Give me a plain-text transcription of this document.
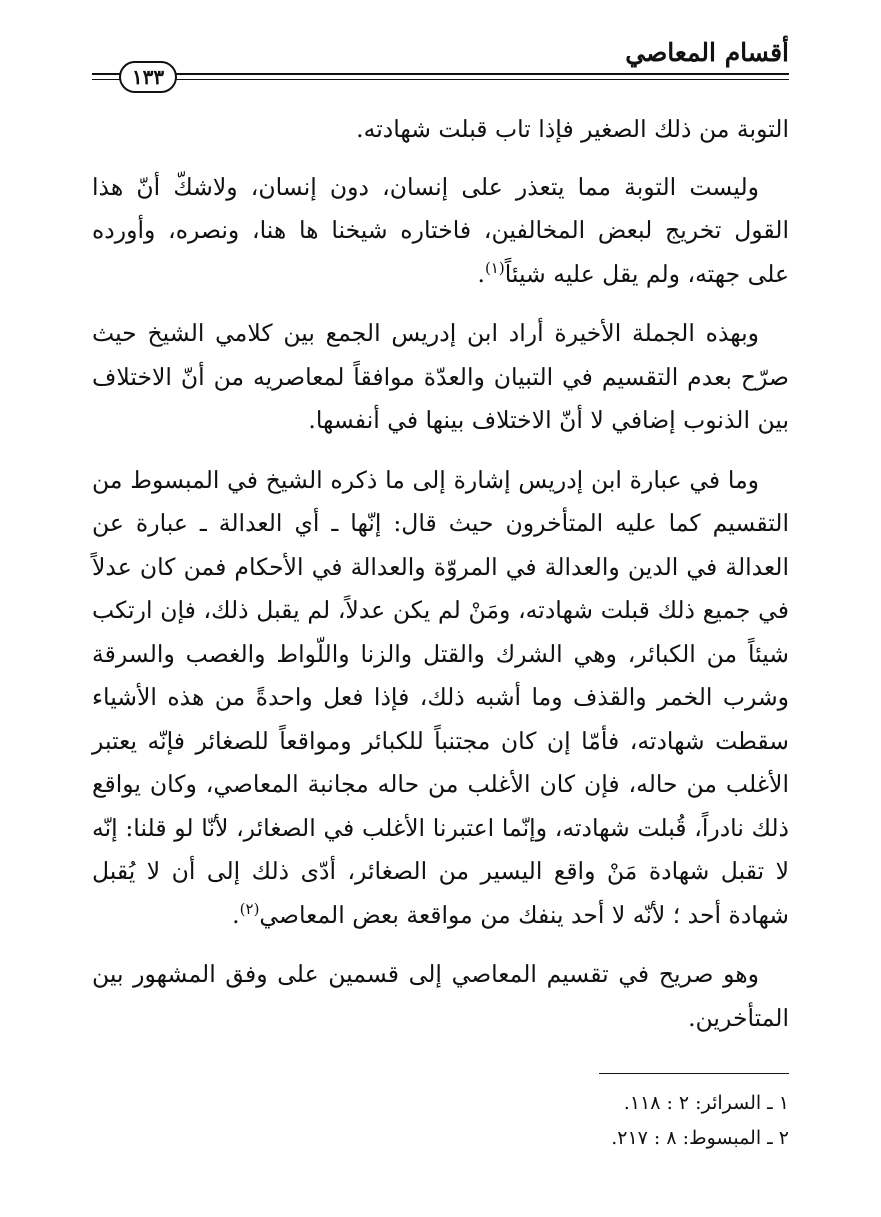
أقسام المعاصي
١٣٣

التوبة من ذلك الصغير فإذا تاب قبلت شهادته.

وليست التوبة مما يتعذر على إنسان، دون إنسان، ولاشكّ أنّ هذا القول تخريج لبعض المخالفين، فاختاره شيخنا ها هنا، ونصره، وأورده على جهته، ولم يقل عليه شيئاً$^{(١)}$.

وبهذه الجملة الأخيرة أراد ابن إدريس الجمع بين كلامي الشيخ حيث صرّح بعدم التقسيم في التبيان والعدّة موافقاً لمعاصريه من أنّ الاختلاف بين الذنوب إضافي لا أنّ الاختلاف بينها في أنفسها.

وما في عبارة ابن إدريس إشارة إلى ما ذكره الشيخ في المبسوط من التقسيم كما عليه المتأخرون حيث قال: إنّها ـ أي العدالة ـ عبارة عن العدالة في الدين والعدالة في المروّة والعدالة في الأحكام فمن كان عدلاً في جميع ذلك قبلت شهادته، ومَنْ لم يكن عدلاً، لم يقبل ذلك، فإن ارتكب شيئاً من الكبائر، وهي الشرك والقتل والزنا واللّواط والغصب والسرقة وشرب الخمر والقذف وما أشبه ذلك، فإذا فعل واحدةً من هذه الأشياء سقطت شهادته، فأمّا إن كان مجتنباً للكبائر ومواقعاً للصغائر فإنّه يعتبر الأغلب من حاله، فإن كان الأغلب من حاله مجانبة المعاصي، وكان يواقع ذلك نادراً، قُبلت شهادته، وإنّما اعتبرنا الأغلب في الصغائر، لأنّا لو قلنا: إنّه لا تقبل شهادة مَنْ واقع اليسير من الصغائر، أدّى ذلك إلى أن لا يُقبل شهادة أحد ؛ لأنّه لا أحد ينفك من مواقعة بعض المعاصي$^{(٢)}$.

وهو صريح في تقسيم المعاصي إلى قسمين على وفق المشهور بين المتأخرين.

١ ـ السرائر: ٢ : ١١٨.

٢ ـ المبسوط: ٨ : ٢١٧.
